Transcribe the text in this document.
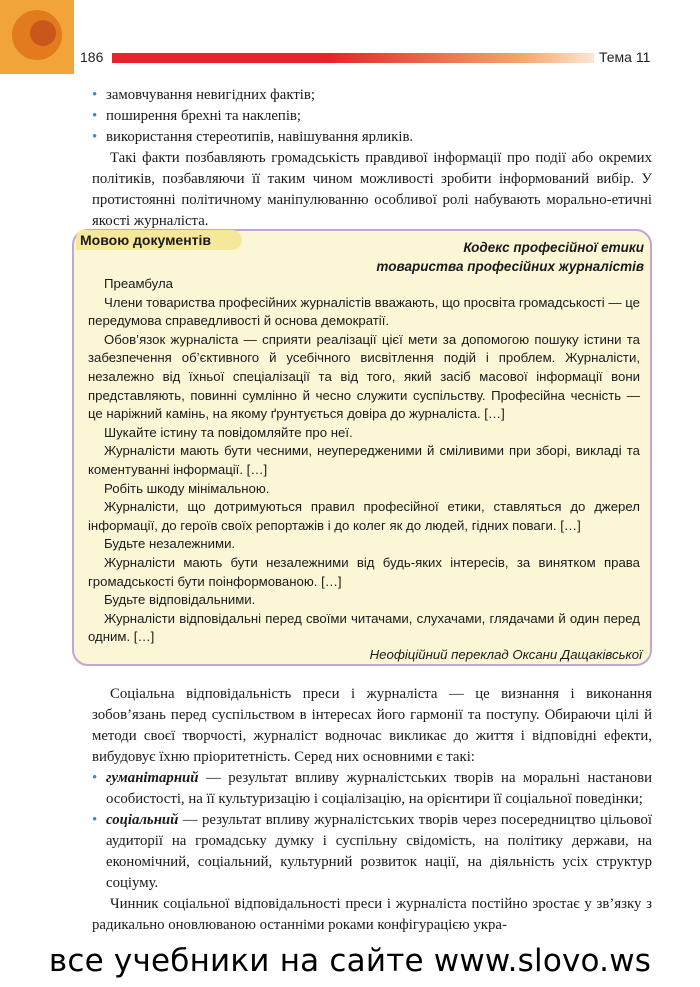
186	Тема 11
• замовчування невигідних фактів;
• поширення брехні та наклепів;
• використання стереотипів, навішування ярликів.

Такі факти позбавляють громадськість правдивої інформації про події або окремих політиків, позбавляючи її таким чином можливості зробити інформований вибір. У протистоянні політичному маніпулюванню особливої ролі набувають морально-етичні якості журналіста.

Мовою документів	Кодекс професійної етики
товариства професійних журналістів

Преамбула

Члени товариства професійних журналістів вважають, що просвіта громадськості — це передумова справедливості й основа демократії.

Обов’язок журналіста — сприяти реалізації цієї мети за допомогою пошуку істини та забезпечення об’єктивного й усебічного висвітлення подій і проблем. Журналісти, незалежно від їхньої спеціалізації та від того, який засіб масової інформації вони представляють, повинні сумлінно й чесно служити суспільству. Професійна чесність — це наріжний камінь, на якому ґрунтується довіра до журналіста. […]

Шукайте істину та повідомляйте про неї.

Журналісти мають бути чесними, неупередженими й сміливими при зборі, викладі та коментуванні інформації. […]

Робіть шкоду мінімальною.

Журналісти, що дотримуються правил професійної етики, ставляться до джерел інформації, до героїв своїх репортажів і до колег як до людей, гідних поваги. […]

Будьте незалежними.

Журналісти мають бути незалежними від будь-яких інтересів, за винятком права громадськості бути поінформованою. […]

Будьте відповідальними.

Журналісти відповідальні перед своїми читачами, слухачами, глядачами й один перед одним. […]

Неофіційний переклад Оксани Дащаківської

Соціальна відповідальність преси і журналіста — це визнання і виконання зобов’язань перед суспільством в інтересах його гармонії та поступу. Обираючи цілі й методи своєї творчості, журналіст водночас викликає до життя і відповідні ефекти, вибудовує їхню пріоритетність. Серед них основними є такі:

• гуманітарний — результат впливу журналістських творів на моральні настанови особистості, на її культуризацію і соціалізацію, на орієнтири її соціальної поведінки;
• соціальний — результат впливу журналістських творів через посередництво цільової аудиторії на громадську думку і суспільну свідомість, на політику держави, на економічний, соціальний, культурний розвиток нації, на діяльність усіх структур соціуму.

Чинник соціальної відповідальності преси і журналіста постійно зростає у зв’язку з радикально оновлюваною останніми роками конфігурацією укра-

все учебники на сайте www.slovo.ws
